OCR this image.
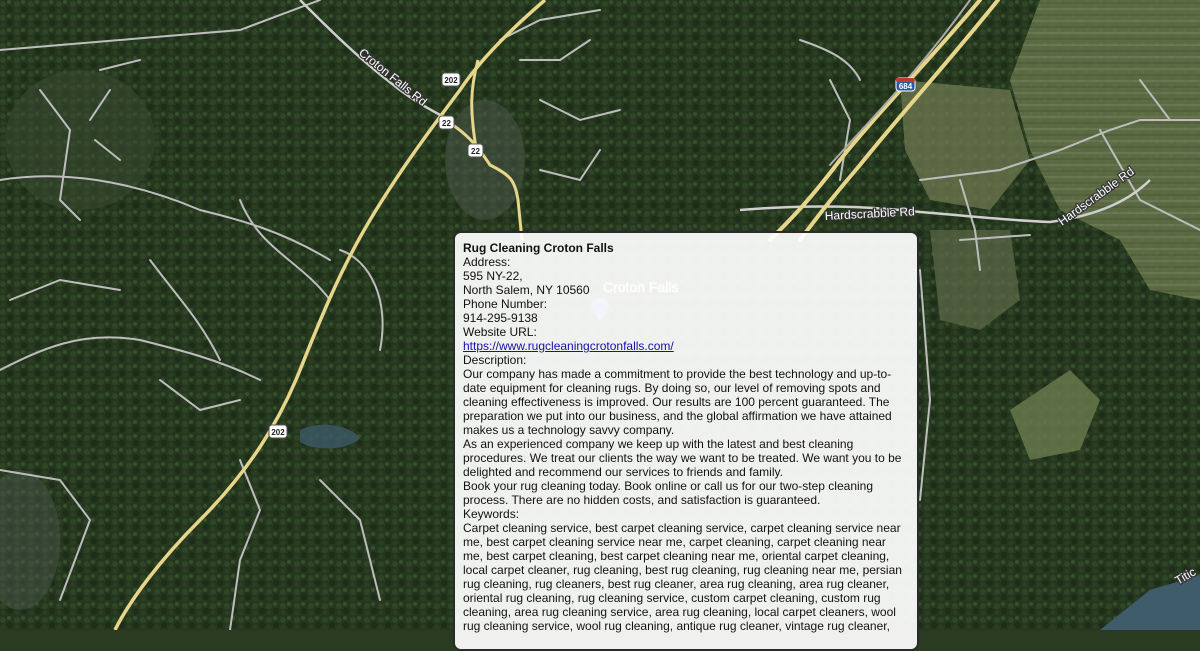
202
202
22
22
684
Croton Falls Rd
Hardscrabble Rd	Hardscrabble Rd
Titic
Rug Cleaning Croton Falls
Address:
595 NY-22,
North Salem, NY 10560
Phone Number:
914-295-9138
Website URL:
https://www.rugcleaningcrotonfalls.com/
Description:
Our company has made a commitment to provide the best technology and up-to-date equipment for cleaning rugs. By doing so, our level of removing spots and cleaning effectiveness is improved. Our results are 100 percent guaranteed. The preparation we put into our business, and the global affirmation we have attained makes us a technology savvy company.
As an experienced company we keep up with the latest and best cleaning procedures. We treat our clients the way we want to be treated. We want you to be delighted and recommend our services to friends and family.
Book your rug cleaning today. Book online or call us for our two-step cleaning process. There are no hidden costs, and satisfaction is guaranteed.
Keywords:
Carpet cleaning service, best carpet cleaning service, carpet cleaning service near me, best carpet cleaning service near me, carpet cleaning, carpet cleaning near me, best carpet cleaning, best carpet cleaning near me, oriental carpet cleaning, local carpet cleaner, rug cleaning, best rug cleaning, rug cleaning near me, persian rug cleaning, rug cleaners, best rug cleaner, area rug cleaning, area rug cleaner, oriental rug cleaning, rug cleaning service, custom carpet cleaning, custom rug cleaning, area rug cleaning service, area rug cleaning, local carpet cleaners, wool rug cleaning service, wool rug cleaning, antique rug cleaner, vintage rug cleaner,
